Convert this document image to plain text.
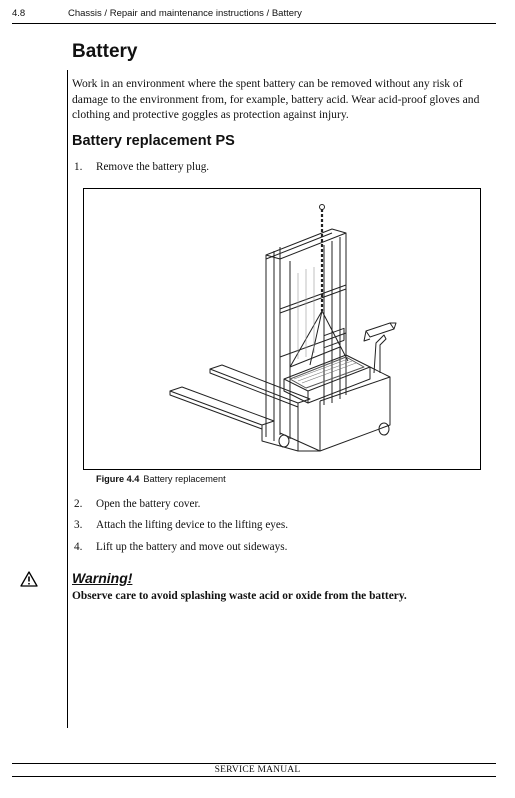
4.8	Chassis / Repair and maintenance instructions / Battery
Battery

Work in an environment where the spent battery can be removed without any risk of damage to the environment from, for example, battery acid. Wear acid-proof gloves and clothing and protective goggles as protection against injury.

Battery replacement PS
1. Remove the battery plug.
Figure 4.4 Battery replacement
2. Open the battery cover.
3. Attach the lifting device to the lifting eyes.
4. Lift up the battery and move out sideways.
Warning!
Observe care to avoid splashing waste acid or oxide from the battery.
SERVICE MANUAL
